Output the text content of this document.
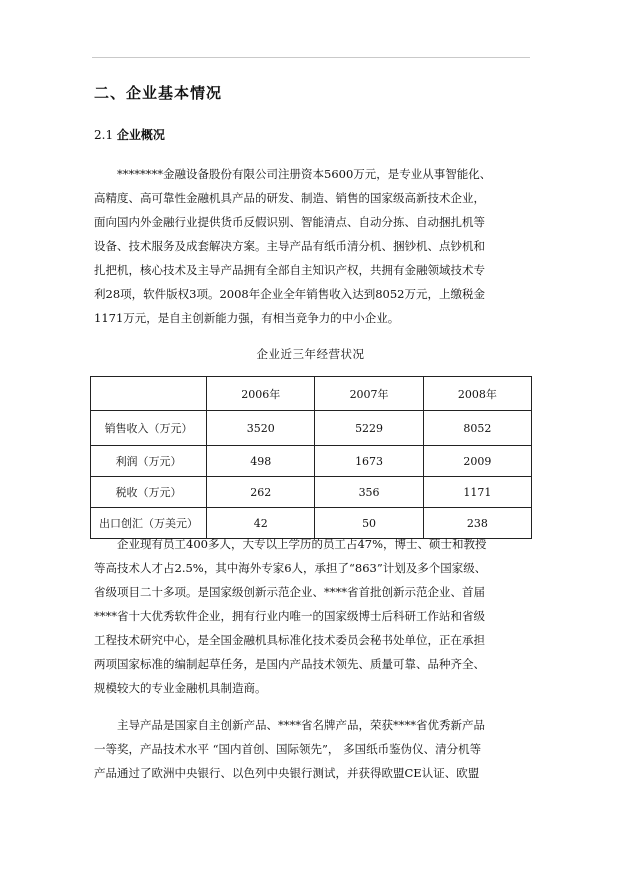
二、企业基本情况
2.1 企业概况
　　********金融设备股份有限公司注册资本5600万元，是专业从事智能化、
高精度、高可靠性金融机具产品的研发、制造、销售的国家级高新技术企业，
面向国内外金融行业提供货币反假识别、智能清点、自动分拣、自动捆扎机等
设备、技术服务及成套解决方案。主导产品有纸币清分机、捆钞机、点钞机和
扎把机，核心技术及主导产品拥有全部自主知识产权，共拥有金融领域技术专
利28项，软件版权3项。2008年企业全年销售收入达到8052万元，上缴税金
1171万元，是自主创新能力强，有相当竞争力的中小企业。
企业近三年经营状况
	2006年	2007年	2008年
销售收入（万元）	3520	5229	8052
利润（万元）	498	1673	2009
税收（万元）	262	356	1171
出口创汇（万美元）	42	50	238
　　企业现有员工400多人，大专以上学历的员工占47%，博士、硕士和教授
等高技术人才占2.5%，其中海外专家6人，承担了“863”计划及多个国家级、
省级项目二十多项。是国家级创新示范企业、****省首批创新示范企业、首届
****省十大优秀软件企业，拥有行业内唯一的国家级博士后科研工作站和省级
工程技术研究中心，是全国金融机具标准化技术委员会秘书处单位，正在承担
两项国家标准的编制起草任务，是国内产品技术领先、质量可靠、品种齐全、
规模较大的专业金融机具制造商。
　　主导产品是国家自主创新产品、****省名牌产品，荣获****省优秀新产品
一等奖，产品技术水平 “国内首创、国际领先”， 多国纸币鉴伪仪、清分机等
产品通过了欧洲中央银行、以色列中央银行测试，并获得欧盟CE认证、欧盟
